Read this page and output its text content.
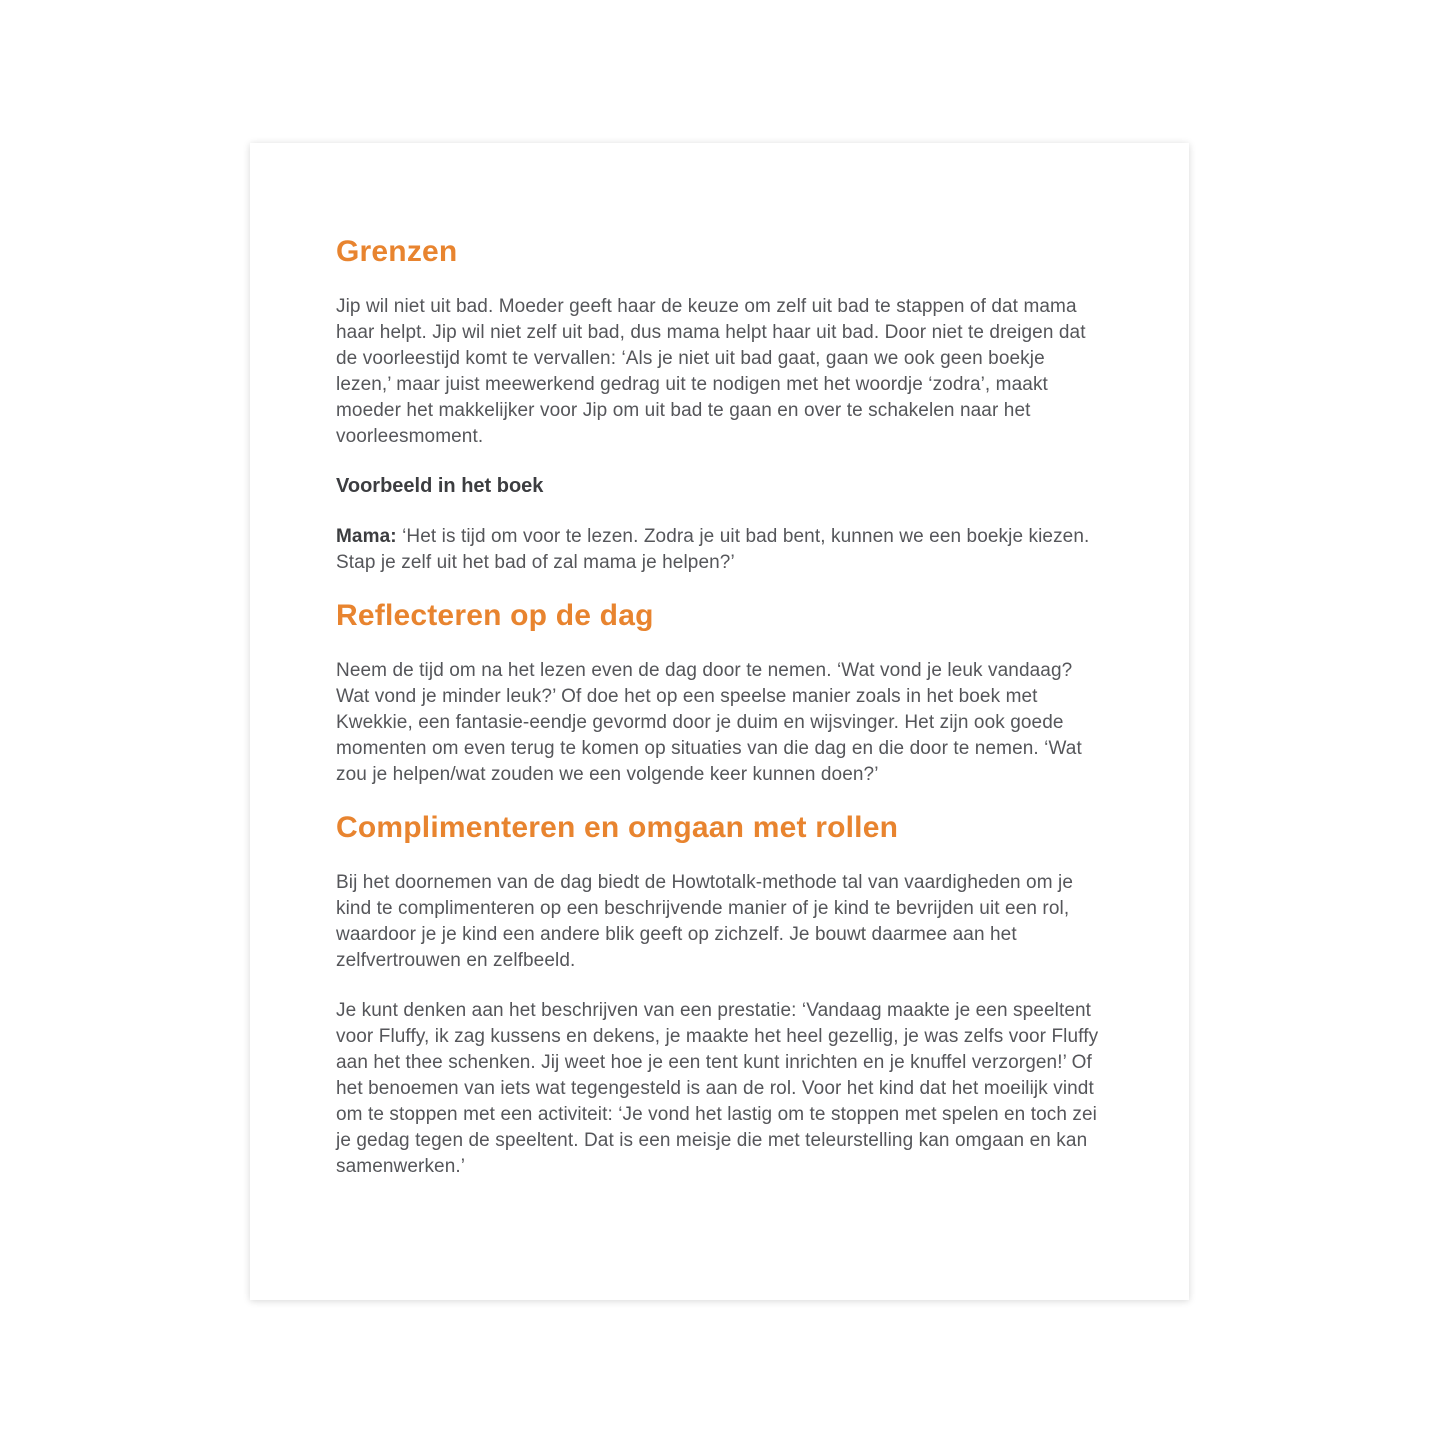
Grenzen

Jip wil niet uit bad. Moeder geeft haar de keuze om zelf uit bad te stappen of dat mama haar helpt. Jip wil niet zelf uit bad, dus mama helpt haar uit bad. Door niet te dreigen dat de voorleestijd komt te vervallen: ‘Als je niet uit bad gaat, gaan we ook geen boekje lezen,’ maar juist meewerkend gedrag uit te nodigen met het woordje ‘zodra’, maakt moeder het makkelijker voor Jip om uit bad te gaan en over te schakelen naar het voorleesmoment.

Voorbeeld in het boek

Mama: ‘Het is tijd om voor te lezen. Zodra je uit bad bent, kunnen we een boekje kiezen. Stap je zelf uit het bad of zal mama je helpen?’

Reflecteren op de dag

Neem de tijd om na het lezen even de dag door te nemen. ‘Wat vond je leuk vandaag? Wat vond je minder leuk?’ Of doe het op een speelse manier zoals in het boek met Kwekkie, een fantasie-eendje gevormd door je duim en wijsvinger. Het zijn ook goede momenten om even terug te komen op situaties van die dag en die door te nemen. ‘Wat zou je helpen/wat zouden we een volgende keer kunnen doen?’

Complimenteren en omgaan met rollen

Bij het doornemen van de dag biedt de Howtotalk-methode tal van vaardigheden om je kind te complimenteren op een beschrijvende manier of je kind te bevrijden uit een rol, waardoor je je kind een andere blik geeft op zichzelf. Je bouwt daarmee aan het zelfvertrouwen en zelfbeeld.

Je kunt denken aan het beschrijven van een prestatie: ‘Vandaag maakte je een speeltent voor Fluffy, ik zag kussens en dekens, je maakte het heel gezellig, je was zelfs voor Fluffy aan het thee schenken. Jij weet hoe je een tent kunt inrichten en je knuffel verzorgen!’ Of het benoemen van iets wat tegengesteld is aan de rol. Voor het kind dat het moeilijk vindt om te stoppen met een activiteit: ‘Je vond het lastig om te stoppen met spelen en toch zei je gedag tegen de speeltent. Dat is een meisje die met teleurstelling kan omgaan en kan samenwerken.’
